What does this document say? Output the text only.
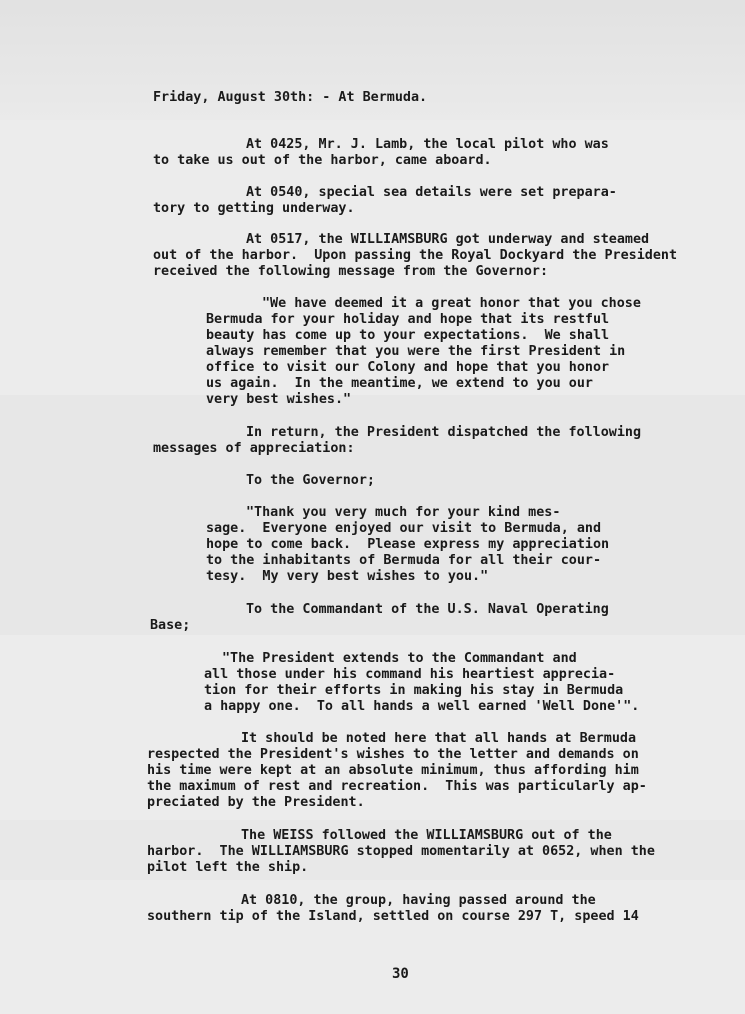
Friday, August 30th: - At Bermuda.
At 0425, Mr. J. Lamb, the local pilot who was
to take us out of the harbor, came aboard.
At 0540, special sea details were set prepara-
tory to getting underway.
At 0517, the WILLIAMSBURG got underway and steamed
out of the harbor.  Upon passing the Royal Dockyard the President
received the following message from the Governor:
"We have deemed it a great honor that you chose
Bermuda for your holiday and hope that its restful
beauty has come up to your expectations.  We shall
always remember that you were the first President in
office to visit our Colony and hope that you honor
us again.  In the meantime, we extend to you our
very best wishes."
In return, the President dispatched the following
messages of appreciation:
To the Governor;
"Thank you very much for your kind mes-
sage.  Everyone enjoyed our visit to Bermuda, and
hope to come back.  Please express my appreciation
to the inhabitants of Bermuda for all their cour-
tesy.  My very best wishes to you."
To the Commandant of the U.S. Naval Operating
Base;
"The President extends to the Commandant and
all those under his command his heartiest apprecia-
tion for their efforts in making his stay in Bermuda
a happy one.  To all hands a well earned 'Well Done'".
It should be noted here that all hands at Bermuda
respected the President's wishes to the letter and demands on
his time were kept at an absolute minimum, thus affording him
the maximum of rest and recreation.  This was particularly ap-
preciated by the President.
The WEISS followed the WILLIAMSBURG out of the
harbor.  The WILLIAMSBURG stopped momentarily at 0652, when the
pilot left the ship.
At 0810, the group, having passed around the
southern tip of the Island, settled on course 297 T, speed 14
30
